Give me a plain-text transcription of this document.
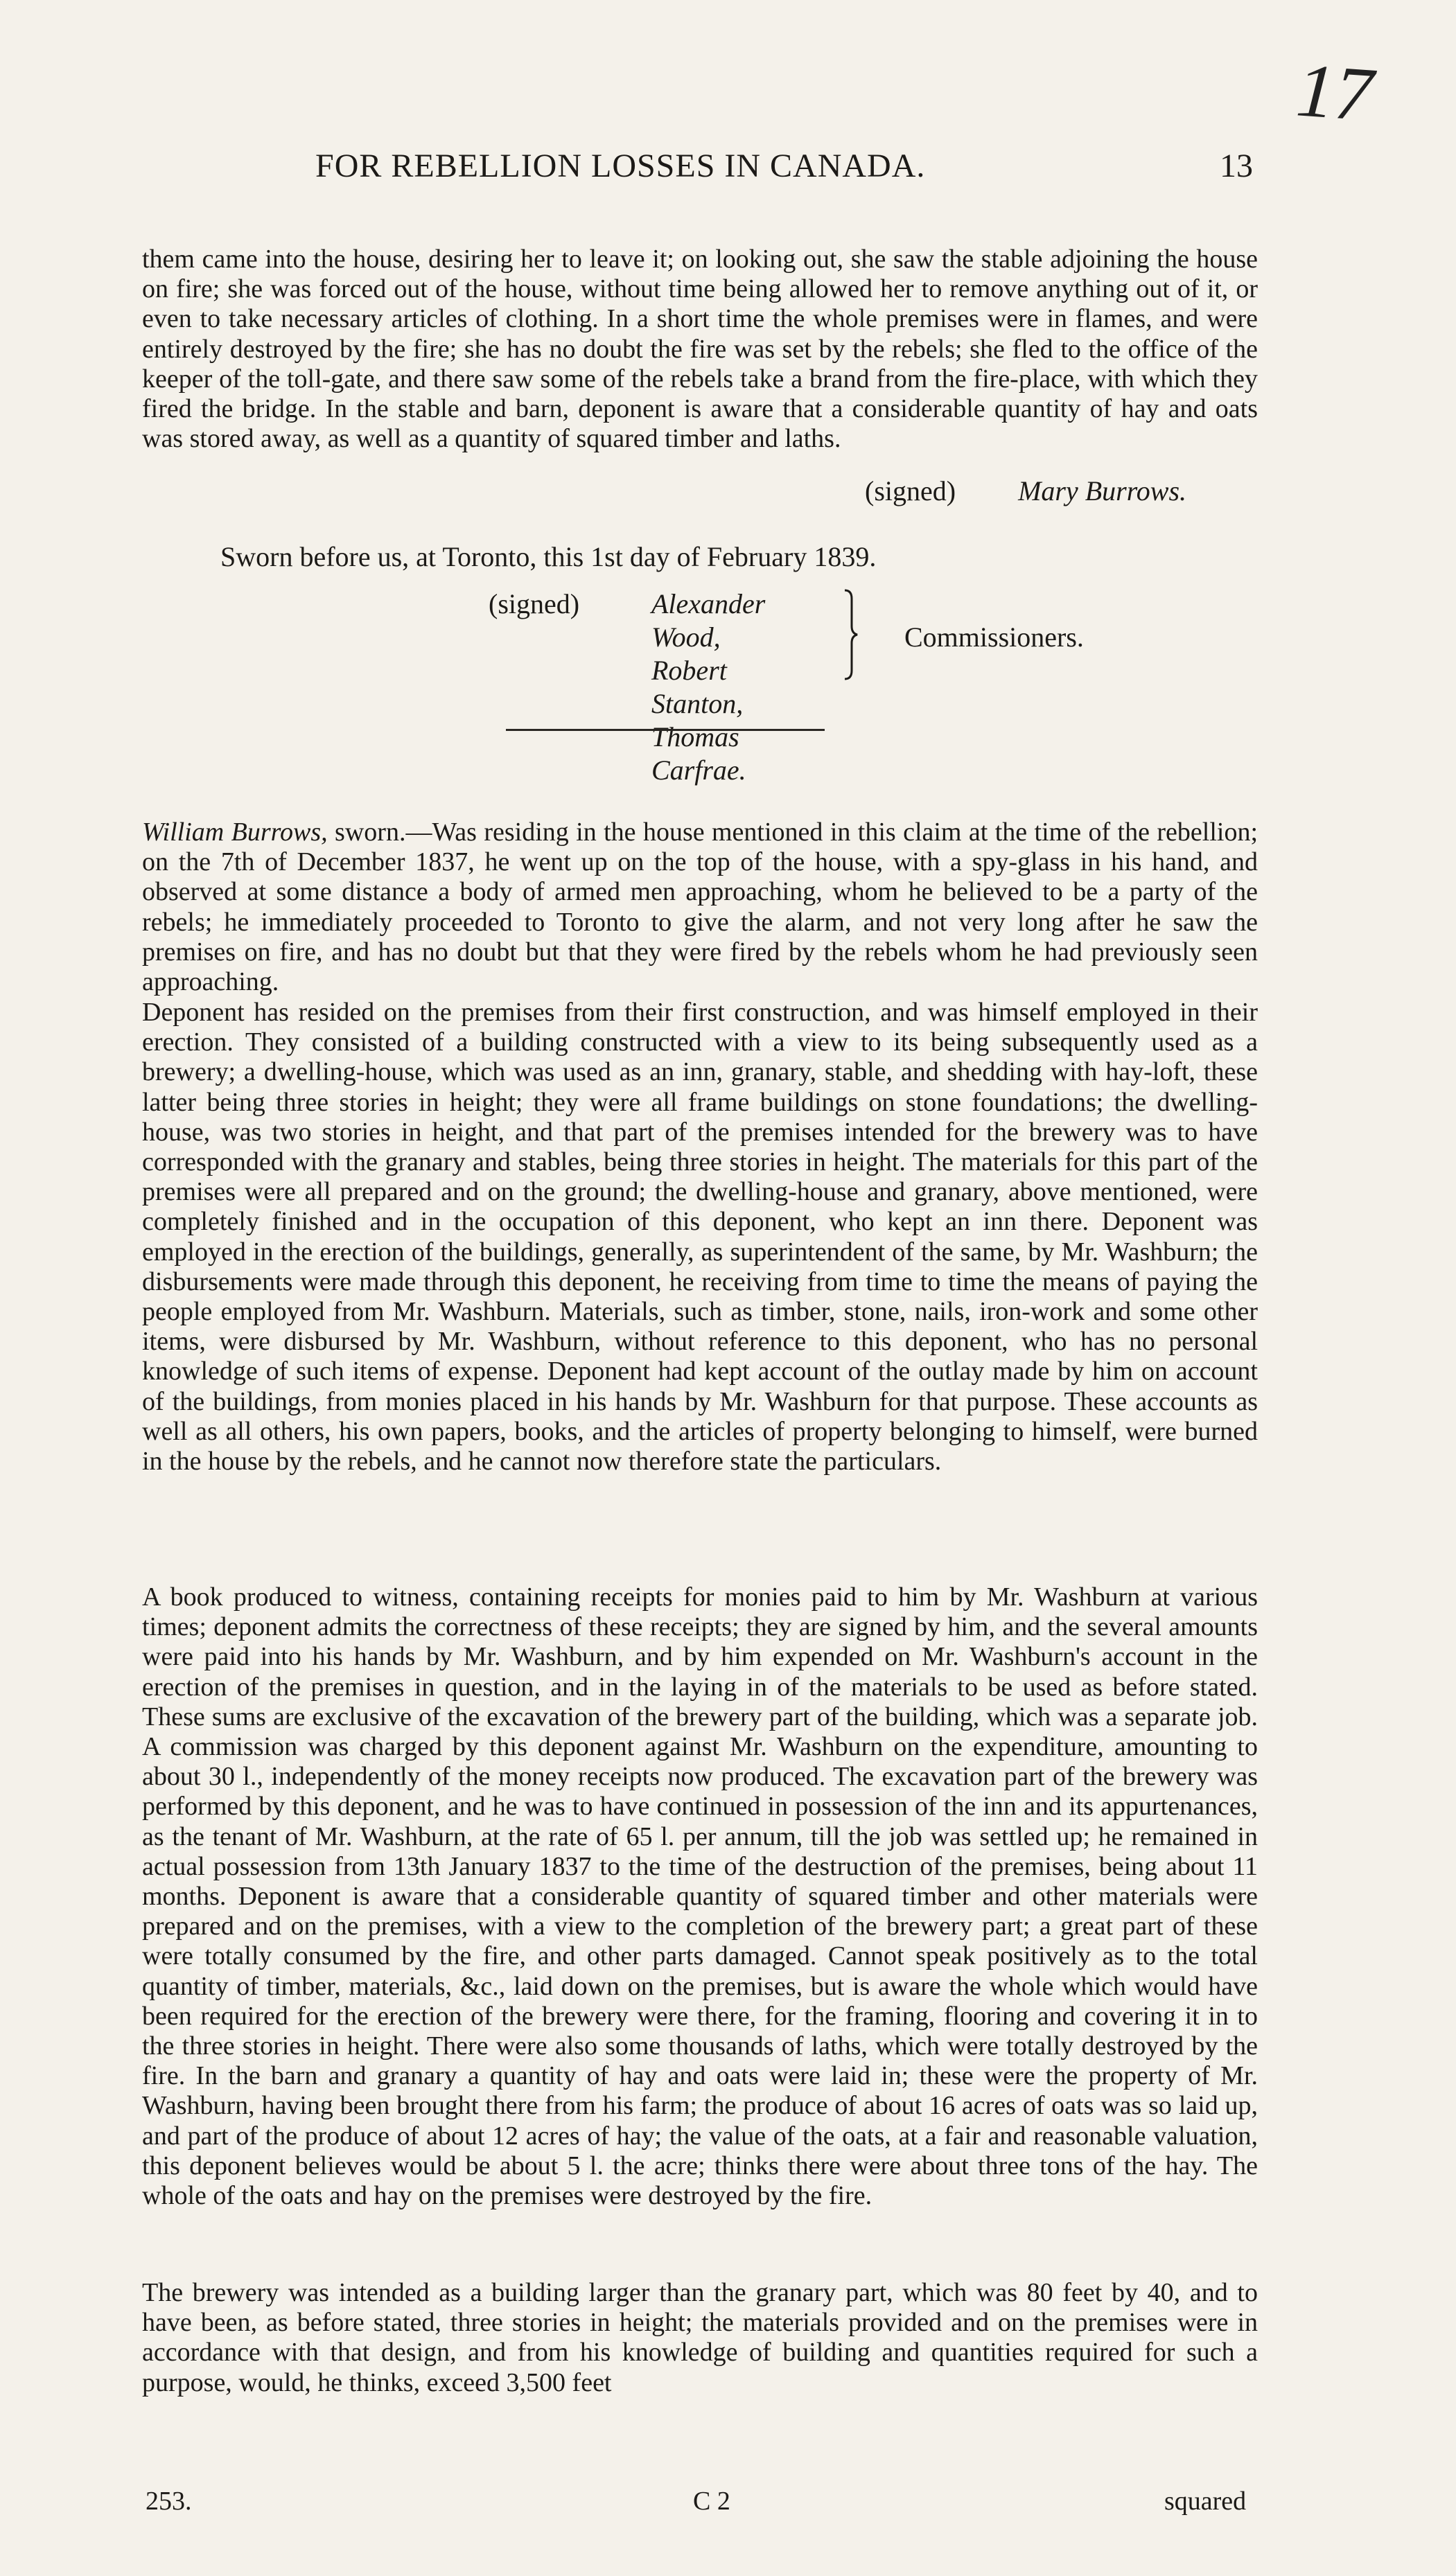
17
FOR REBELLION LOSSES IN CANADA.	13

them came into the house, desiring her to leave it; on looking out, she saw the stable adjoining the house on fire; she was forced out of the house, without time being allowed her to remove anything out of it, or even to take necessary articles of clothing. In a short time the whole premises were in flames, and were entirely destroyed by the fire; she has no doubt the fire was set by the rebels; she fled to the office of the keeper of the toll-gate, and there saw some of the rebels take a brand from the fire-place, with which they fired the bridge. In the stable and barn, deponent is aware that a considerable quantity of hay and oats was stored away, as well as a quantity of squared timber and laths.

(signed) Mary Burrows.
Sworn before us, at Toronto, this 1st day of February 1839.
(signed)	Alexander Wood,
Robert Stanton,
Thomas Carfrae.
Commissioners.

William Burrows, sworn.—Was residing in the house mentioned in this claim at the time of the rebellion; on the 7th of December 1837, he went up on the top of the house, with a spy-glass in his hand, and observed at some distance a body of armed men approaching, whom he believed to be a party of the rebels; he immediately proceeded to Toronto to give the alarm, and not very long after he saw the premises on fire, and has no doubt but that they were fired by the rebels whom he had previously seen approaching.

Deponent has resided on the premises from their first construction, and was himself employed in their erection. They consisted of a building constructed with a view to its being subsequently used as a brewery; a dwelling-house, which was used as an inn, granary, stable, and shedding with hay-loft, these latter being three stories in height; they were all frame buildings on stone foundations; the dwelling-house, was two stories in height, and that part of the premises intended for the brewery was to have corresponded with the granary and stables, being three stories in height. The materials for this part of the premises were all prepared and on the ground; the dwelling-house and granary, above mentioned, were completely finished and in the occupation of this deponent, who kept an inn there. Deponent was employed in the erection of the buildings, generally, as superintendent of the same, by Mr. Washburn; the disbursements were made through this deponent, he receiving from time to time the means of paying the people employed from Mr. Washburn. Materials, such as timber, stone, nails, iron-work and some other items, were disbursed by Mr. Washburn, without reference to this deponent, who has no personal knowledge of such items of expense. Deponent had kept account of the outlay made by him on account of the buildings, from monies placed in his hands by Mr. Washburn for that purpose. These accounts as well as all others, his own papers, books, and the articles of property belonging to himself, were burned in the house by the rebels, and he cannot now therefore state the particulars.

A book produced to witness, containing receipts for monies paid to him by Mr. Washburn at various times; deponent admits the correctness of these receipts; they are signed by him, and the several amounts were paid into his hands by Mr. Washburn, and by him expended on Mr. Washburn's account in the erection of the premises in question, and in the laying in of the materials to be used as before stated. These sums are exclusive of the excavation of the brewery part of the building, which was a separate job. A commission was charged by this deponent against Mr. Washburn on the expenditure, amounting to about 30 l., independently of the money receipts now produced. The excavation part of the brewery was performed by this deponent, and he was to have continued in possession of the inn and its appurtenances, as the tenant of Mr. Washburn, at the rate of 65 l. per annum, till the job was settled up; he remained in actual possession from 13th January 1837 to the time of the destruction of the premises, being about 11 months. Deponent is aware that a considerable quantity of squared timber and other materials were prepared and on the premises, with a view to the completion of the brewery part; a great part of these were totally consumed by the fire, and other parts damaged. Cannot speak positively as to the total quantity of timber, materials, &c., laid down on the premises, but is aware the whole which would have been required for the erection of the brewery were there, for the framing, flooring and covering it in to the three stories in height. There were also some thousands of laths, which were totally destroyed by the fire. In the barn and granary a quantity of hay and oats were laid in; these were the property of Mr. Washburn, having been brought there from his farm; the produce of about 16 acres of oats was so laid up, and part of the produce of about 12 acres of hay; the value of the oats, at a fair and reasonable valuation, this deponent believes would be about 5 l. the acre; thinks there were about three tons of the hay. The whole of the oats and hay on the premises were destroyed by the fire.

The brewery was intended as a building larger than the granary part, which was 80 feet by 40, and to have been, as before stated, three stories in height; the materials provided and on the premises were in accordance with that design, and from his knowledge of building and quantities required for such a purpose, would, he thinks, exceed 3,500 feet

253.	C 2	squared
